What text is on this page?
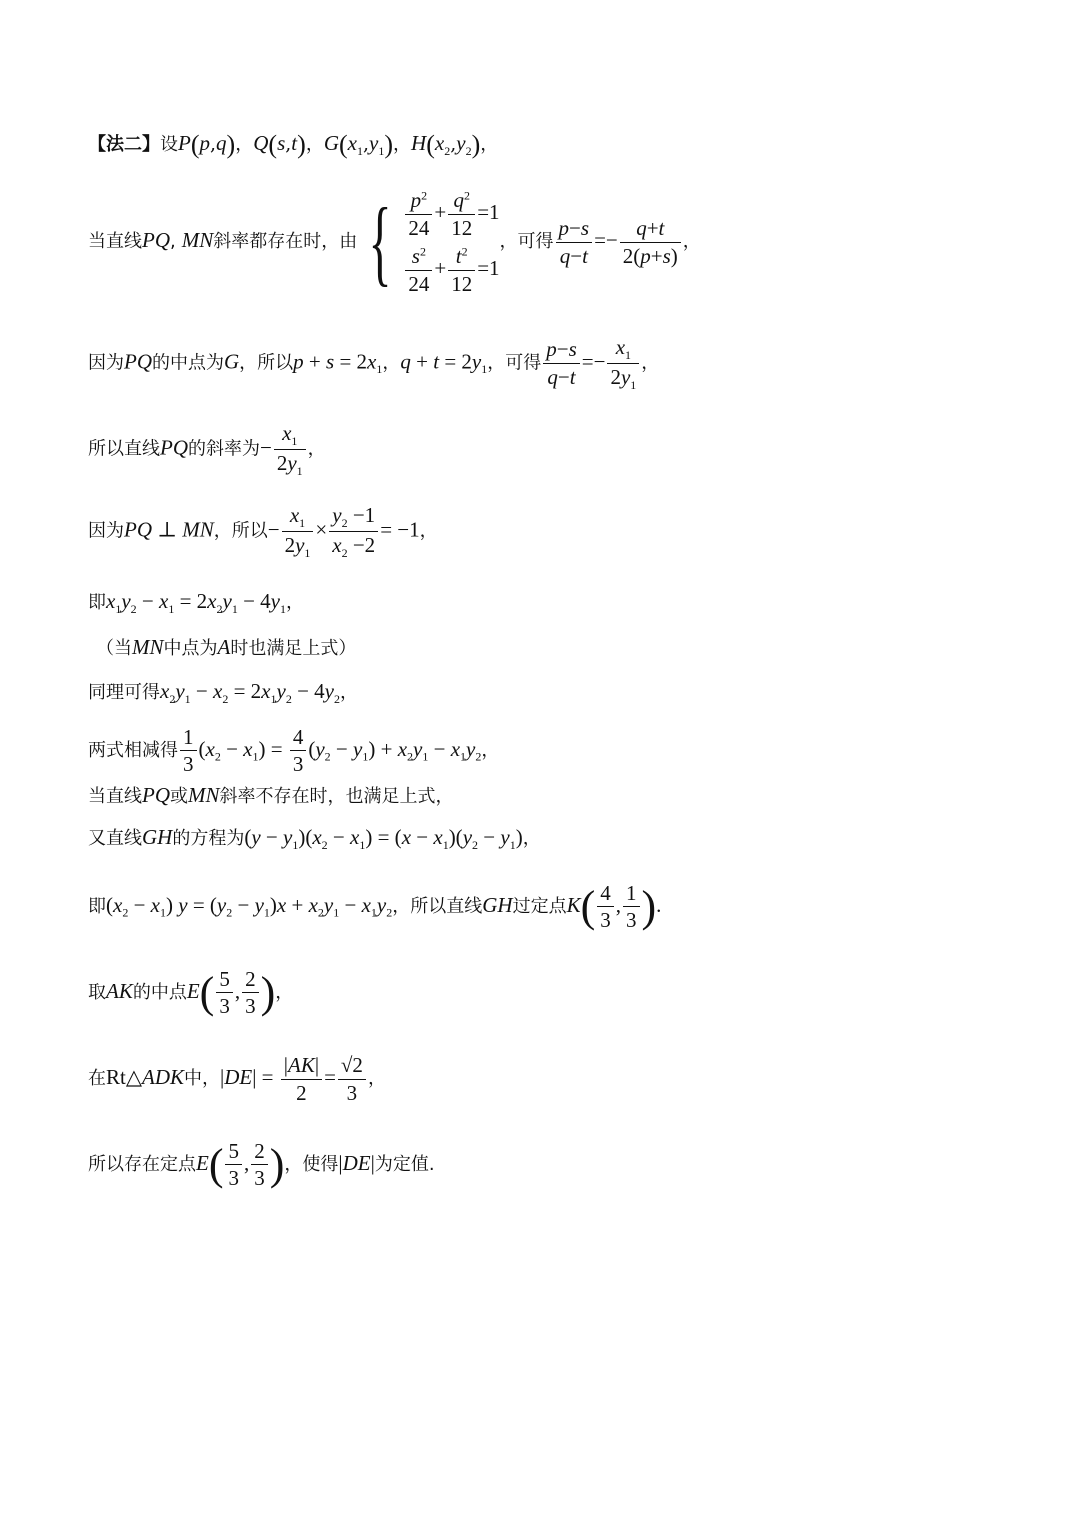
【法二】设P(p,q)，Q(s,t)，$G(x_1,y_1)$，$H(x_2,y_2)$，
当直线PQ, MN斜率都存在时，由 { $\frac{p^2}{24} + \frac{q^2}{12} =1$
$\frac{s^2}{24} + \frac{t^2}{12} =1$
，可得 $\frac{p-s}{q-t} =- \frac{q+t}{2(p+s)}$ ，
因为PQ的中点为G，所以$p + s = 2x_1$，$q + t = 2y_1$，可得 $\frac{p-s}{q-t} =- \frac{x_1}{2y_1}$ ，
所以直线PQ的斜率为− $\frac{x_1}{2y_1}$ ，
因为PQ ⊥ MN，所以− $\frac{x_1}{2y_1} \times \frac{y_2 -1}{x_2 -2} = -1$，
即$x_1y_2 - x_1 = 2x_2y_1 - 4y_1$，
（当MN中点为A时也满足上式）
同理可得$x_2y_1 - x_2 = 2x_1y_2 - 4y_2$，
两式相减得 $\frac{1}{3} (x_2 - x_1) = \frac{4}{3} (y_2 - y_1) + x_2y_1 - x_1y_2$，
当直线PQ或MN斜率不存在时，也满足上式，
又直线GH的方程为$(y - y_1)(x_2 - x_1) = (x - x_1)(y_2 - y_1)$，
即$(x_2 - x_1) y = (y_2 - y_1)x + x_2y_1 - x_1y_2$，所以直线GH过定点$K( \frac{4}{3}$ , $\frac{1}{3}$ ).
取AK的中点$E( \frac{5}{3}$ , $\frac{2}{3}$ )，
在Rt△ADK中，$|DE| = \frac{|AK|}{2} = \frac{√2}{3}$ ，
所以存在定点$E( \frac{5}{3}$ , $\frac{2}{3}$ )，使得|DE|为定值.
